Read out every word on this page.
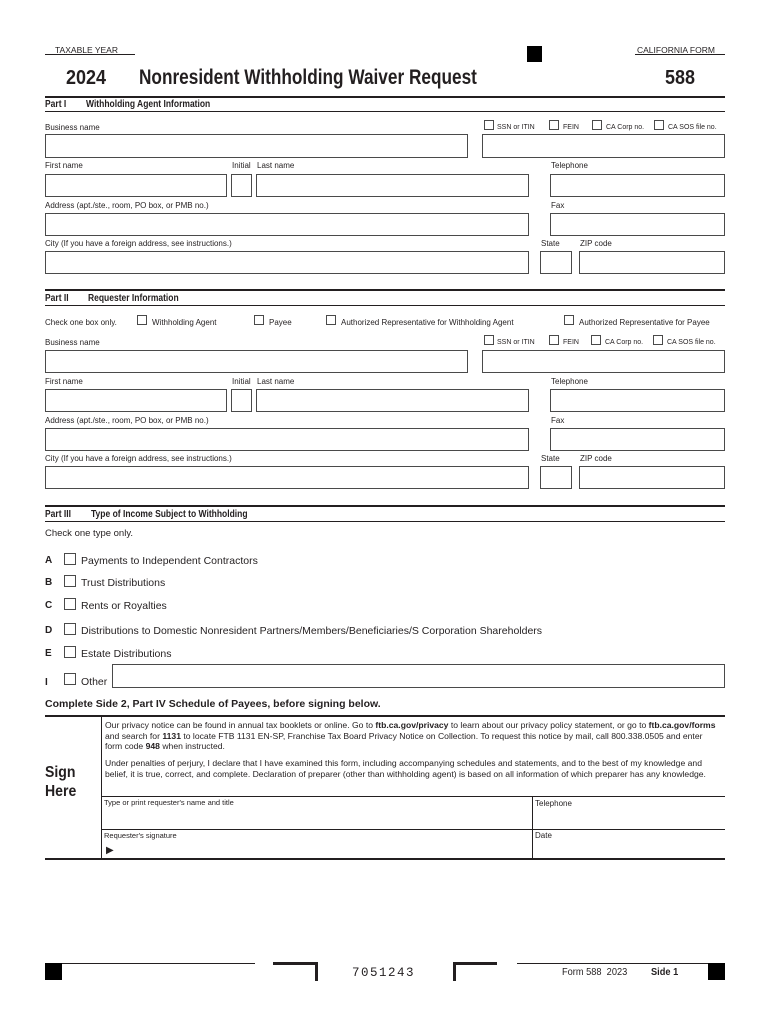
TAXABLE YEAR	CALIFORNIA FORM
2024 Nonresident Withholding Waiver Request	588
Part I Withholding Agent Information
Business name	SSN or ITIN	FEIN	CA Corp no.	CA SOS file no.
First name	Initial Last name	Telephone
Address (apt./ste., room, PO box, or PMB no.)	Fax
City (If you have a foreign address, see instructions.)	State	ZIP code
Part II Requester Information
Check one box only.	Withholding Agent	Payee	Authorized Representative for Withholding Agent	Authorized Representative for Payee
Business name	SSN or ITIN	FEIN	CA Corp no.	CA SOS file no.
First name	Initial Last name	Telephone
Address (apt./ste., room, PO box, or PMB no.)	Fax
City (If you have a foreign address, see instructions.)	State	ZIP code
Part III Type of Income Subject to Withholding
Check one type only.
A	Payments to Independent Contractors
B	Trust Distributions
C	Rents or Royalties
D	Distributions to Domestic Nonresident Partners/Members/Beneficiaries/S Corporation Shareholders
E	Estate Distributions
I	Other
Complete Side 2, Part IV Schedule of Payees, before signing below.
Sign
Here
Our privacy notice can be found in annual tax booklets or online. Go to ftb.ca.gov/privacy to learn about our privacy policy statement, or go to ftb.ca.gov/forms and search for 1131 to locate FTB 1131 EN-SP, Franchise Tax Board Privacy Notice on Collection. To request this notice by mail, call 800.338.0505 and enter form code 948 when instructed.
Under penalties of perjury, I declare that I have examined this form, including accompanying schedules and statements, and to the best of my knowledge and belief, it is true, correct, and complete. Declaration of preparer (other than withholding agent) is based on all information of which preparer has any knowledge.
Type or print requester's name and title	Telephone
Requester's signature
▶
Date
7051243	Form 588  2023 Side 1
